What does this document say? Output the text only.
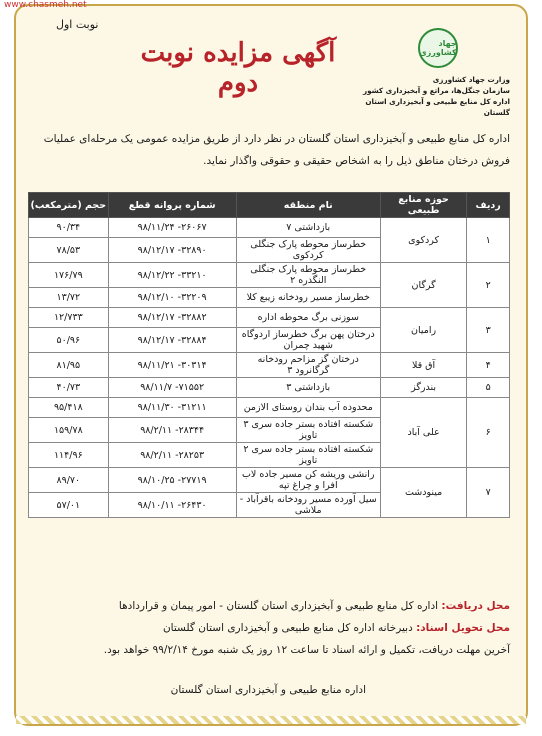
نوبت اول
جهاد کشاورزی
وزارت جهاد کشاورزی
سازمان جنگل‌ها، مراتع و آبخیزداری کشور
اداره کل منابع طبیعی و آبخیزداری استان گلستان
آگهی مزایده نوبت دوم
اداره کل منابع طبیعی و آبخیزداری استان گلستان در نظر دارد از طریق مزایده عمومی یک مرحله‌ای عملیات فروش درختان مناطق ذیل را به اشخاص حقیقی و حقوقی واگذار نماید.
ردیف	حوزه منابع طبیعی	نام منطقه	شماره پروانه قطع	حجم (مترمکعب)
۱	کردکوی	بازداشتی ۷	۹۸/۱۱/۲۴ -۲۶۰۶۷	۹۰/۳۴
		خطرساز محوطه پارک جنگلی کردکوی	۹۸/۱۲/۱۷ -۳۲۸۹۰	۷۸/۵۳
۲	گرگان	خطرساز محوطه پارک جنگلی النگدره ۲	۹۸/۱۲/۲۲ -۳۳۲۱۰	۱۷۶/۷۹
		خطرساز مسیر رودخانه زیبع کلا	۹۸/۱۲/۱۰ -۳۲۲۰۹	۱۳/۷۲
۳	رامیان	سوزنی برگ محوطه اداره	۹۸/۱۲/۱۷ -۳۲۸۸۲	۱۲/۷۳۳
		درختان پهن برگ خطرساز اردوگاه شهید چمران	۹۸/۱۲/۱۷ -۳۲۸۸۴	۵۰/۹۶
۴	آق قلا	درختان گز مزاحم رودخانه گرگانرود ۳	۹۸/۱۱/۲۱ -۳۰۳۱۴	۸۱/۹۵
۵	بندرگز	بازداشتی ۳	۹۸/۱۱/۷ -۷۱۵۵۲	۴۰/۷۳
۶	علی آباد	محدوده آب بندان روستای الازمن	۹۸/۱۱/۳۰ -۳۱۲۱۱	۹۵/۴۱۸
		شکسته افتاده بستر جاده سری ۳ تاویز	۹۸/۲/۱۱ -۲۸۳۴۴	۱۵۹/۷۸
		شکسته افتاده بستر جاده سری ۲ تاویز	۹۸/۲/۱۱ -۲۸۲۵۳	۱۱۴/۹۶
۷	مینودشت	رانشی وریشه کن مسیر جاده لاب افرا و چراغ تپه	۹۸/۱۰/۲۵ -۲۷۷۱۹	۸۹/۷۰
		سیل آورده مسیر رودخانه باقرآباد - ملاشی	۹۸/۱۰/۱۱ -۲۶۴۳۰	۵۷/۰۱
محل دریافت: اداره کل منابع طبیعی و آبخیزداری استان گلستان - امور پیمان و قراردادها
محل تحویل اسناد: دبیرخانه اداره کل منابع طبیعی و آبخیزداری استان گلستان
آخرین مهلت دریافت، تکمیل و ارائه اسناد تا ساعت ۱۲ روز یک شنبه مورخ ۹۹/۲/۱۴ خواهد بود.
اداره منابع طبیعی و آبخیزداری استان گلستان
www.chasmeh.net
